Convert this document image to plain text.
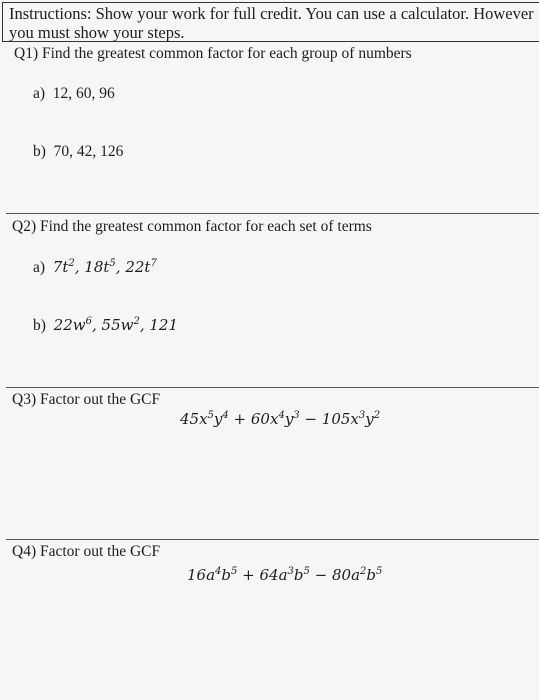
Instructions: Show your work for full credit. You can use a calculator. However
you must show your steps.
Q1) Find the greatest common factor for each group of numbers
a) 12, 60, 96
b) 70, 42, 126
Q2) Find the greatest common factor for each set of terms
a) $7t^2$, $18t^5$, $22t^7$
b) $22w^6$, $55w^2$, 121
Q3) Factor out the GCF
$45x^5y^4 + 60x^4y^3 - 105x^3y^2$
Q4) Factor out the GCF
$16a^4b^5 + 64a^3b^5 - 80a^2b^5$
